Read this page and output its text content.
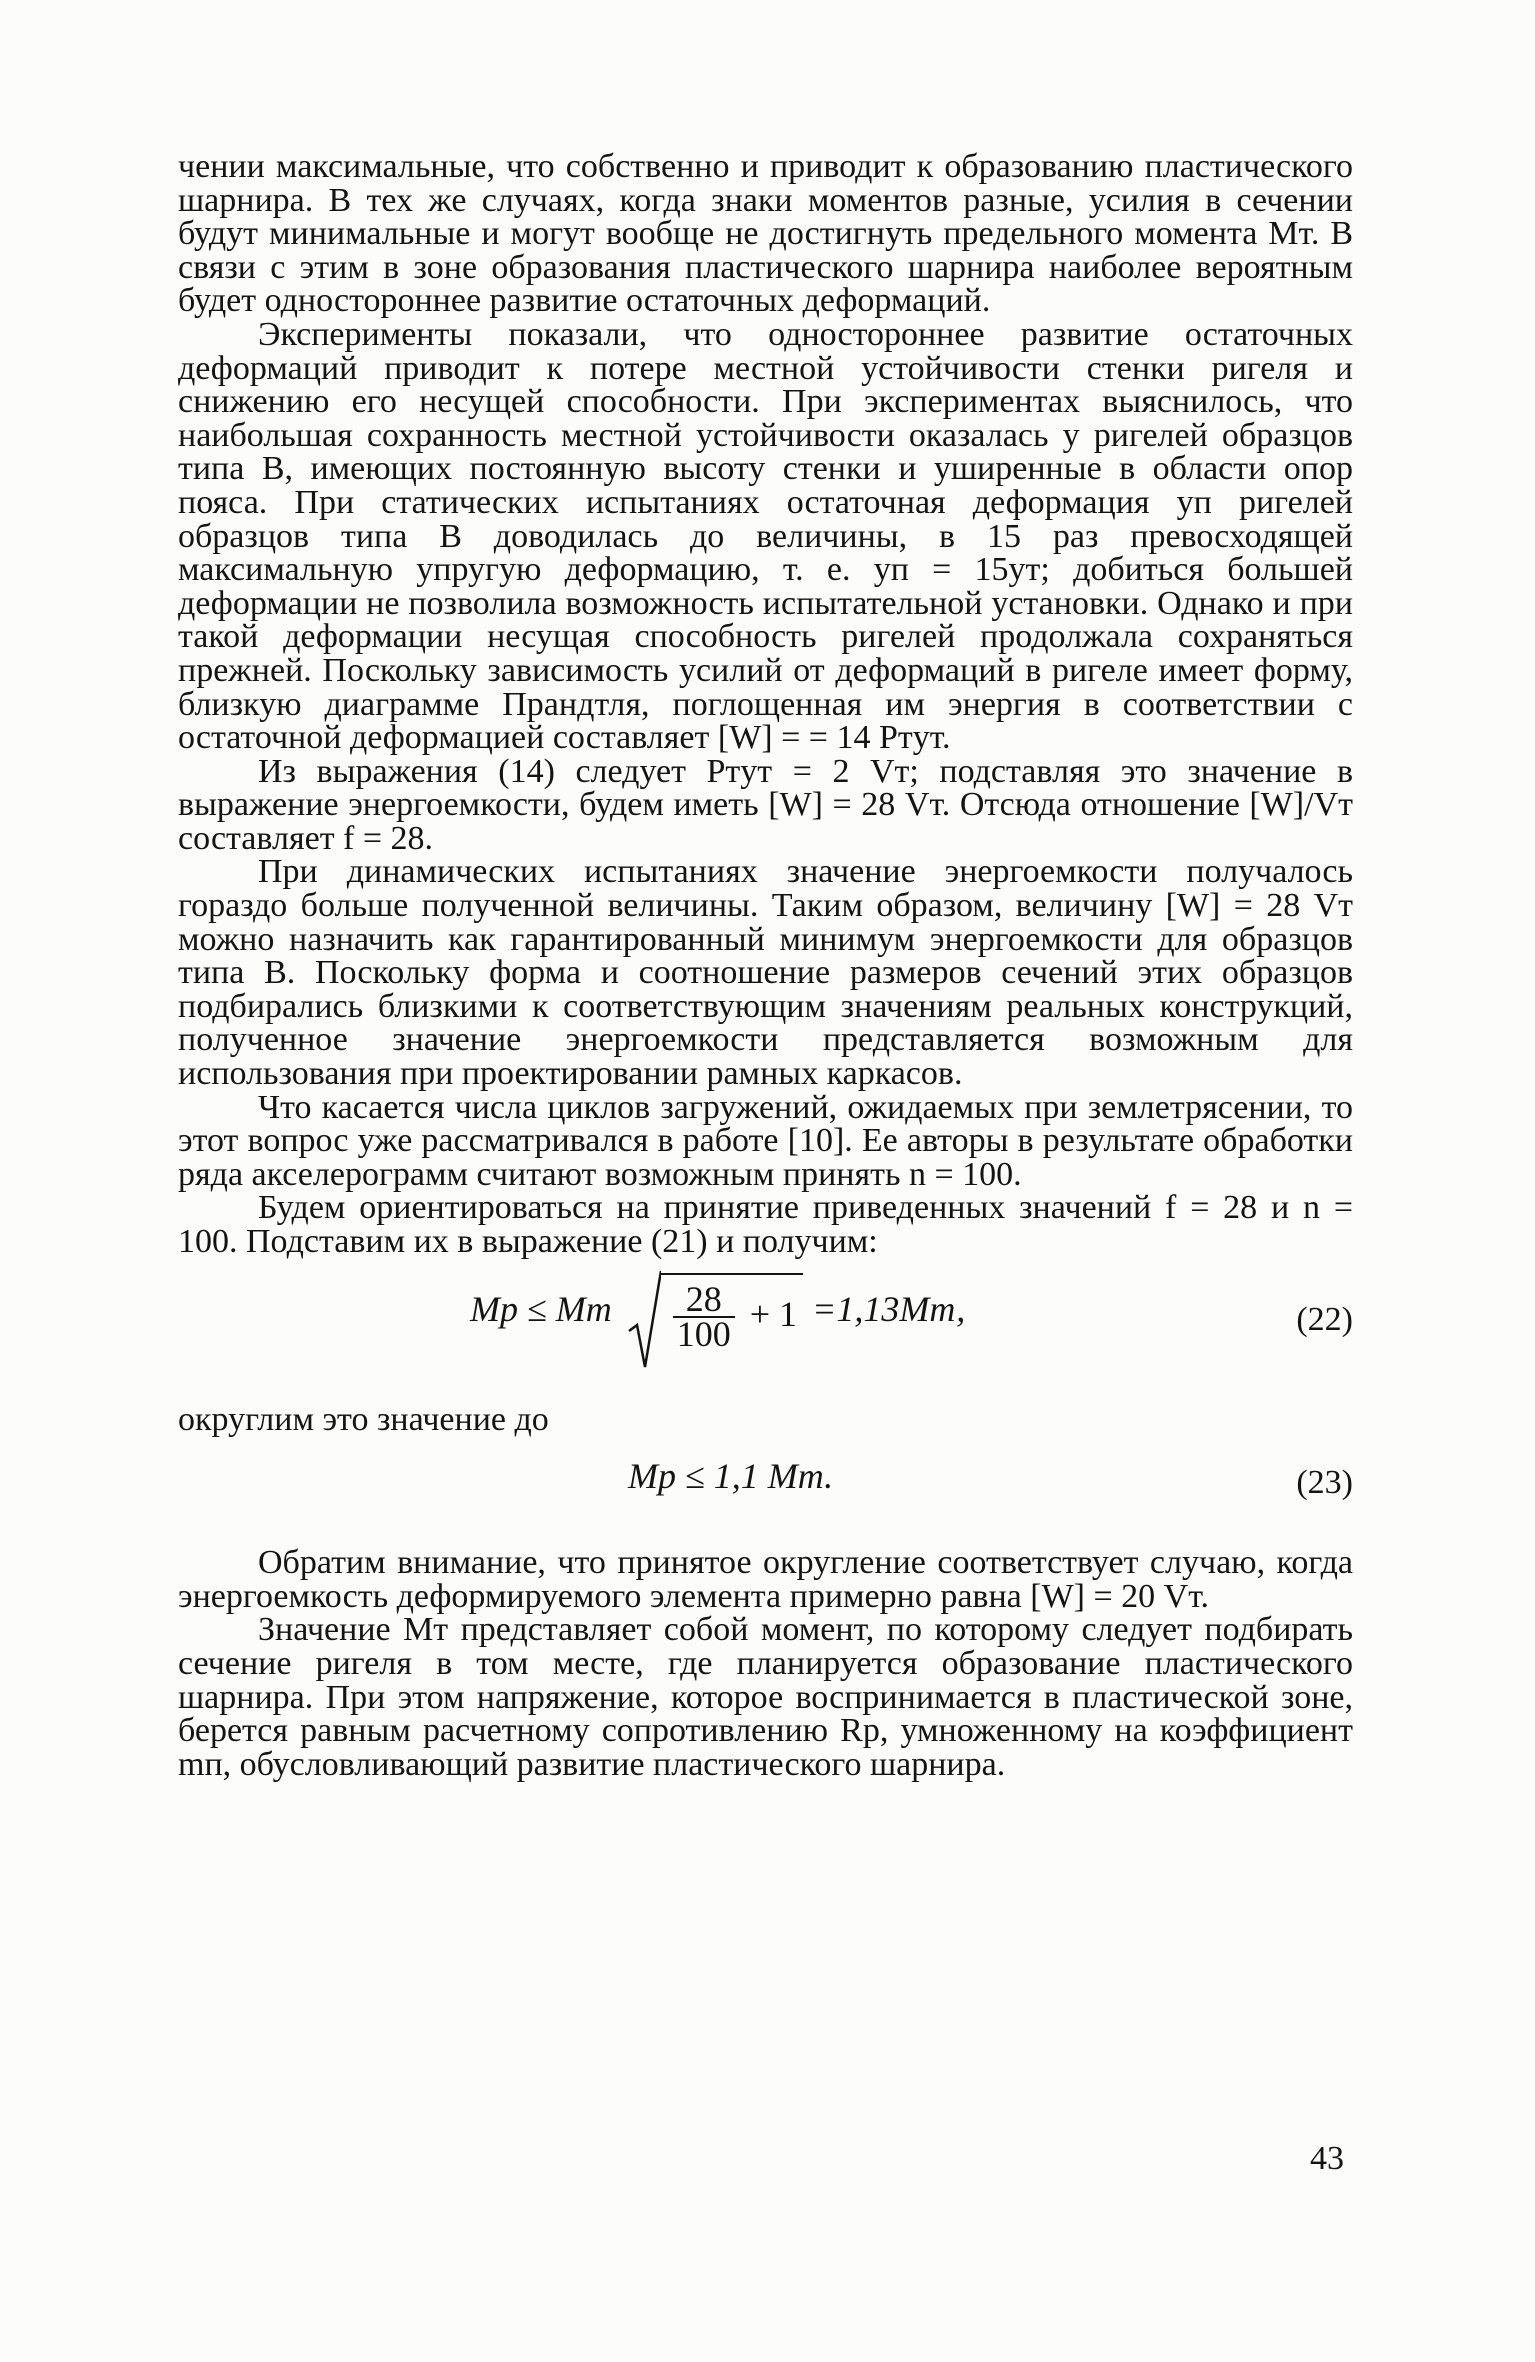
чении максимальные, что собственно и приводит к образованию пластического шарнира. В тех же случаях, когда знаки моментов разные, усилия в сечении будут минимальные и могут вообще не достигнуть предельного момента Мт. В связи с этим в зоне образования пластического шарнира наиболее вероятным будет одностороннее развитие остаточных деформаций.

Эксперименты показали, что одностороннее развитие остаточных деформаций приводит к потере местной устойчивости стенки ригеля и снижению его несущей способности. При экспериментах выяснилось, что наибольшая сохранность местной устойчивости оказалась у ригелей образцов типа В, имеющих постоянную высоту стенки и уширенные в области опор пояса. При статических испытаниях остаточная деформация yп ригелей образцов типа В доводилась до величины, в 15 раз превосходящей максимальную упругую деформацию, т. е. yп = 15yт; добиться большей деформации не позволила возможность испытательной установки. Однако и при такой деформации несущая способность ригелей продолжала сохраняться прежней. Поскольку зависимость усилий от деформаций в ригеле имеет форму, близкую диаграмме Прандтля, поглощенная им энергия в соответствии с остаточной деформацией составляет [W] = = 14 Pтyт.

Из выражения (14) следует Pтyт = 2 Vт; подставляя это значение в выражение энергоемкости, будем иметь [W] = 28 Vт. Отсюда отношение [W]/Vт составляет f = 28.

При динамических испытаниях значение энергоемкости получалось гораздо больше полученной величины. Таким образом, величину [W] = 28 Vт можно назначить как гарантированный минимум энергоемкости для образцов типа В. Поскольку форма и соотношение размеров сечений этих образцов подбирались близкими к соответствующим значениям реальных конструкций, полученное значение энергоемкости представляется возможным для использования при проектировании рамных каркасов.

Что касается числа циклов загружений, ожидаемых при землетрясении, то этот вопрос уже рассматривался в работе [10]. Ее авторы в результате обработки ряда акселерограмм считают возможным принять n = 100.

Будем ориентироваться на принятие приведенных значений f = 28 и n = 100. Подставим их в выражение (21) и получим:

Mp ≤ Mт $\frac{28}{100} + 1 =1,13Mт$,	(22)

округлим это значение до

Mp ≤ 1,1 Mт.	(23)

Обратим внимание, что принятое округление соответствует случаю, когда энергоемкость деформируемого элемента примерно равна [W] = 20 Vт.

Значение Mт представляет собой момент, по которому следует подбирать сечение ригеля в том месте, где планируется образование пластического шарнира. При этом напряжение, которое воспринимается в пластической зоне, берется равным расчетному сопротивлению Rp, умноженному на коэффициент mп, обусловливающий развитие пластического шарнира.

43
